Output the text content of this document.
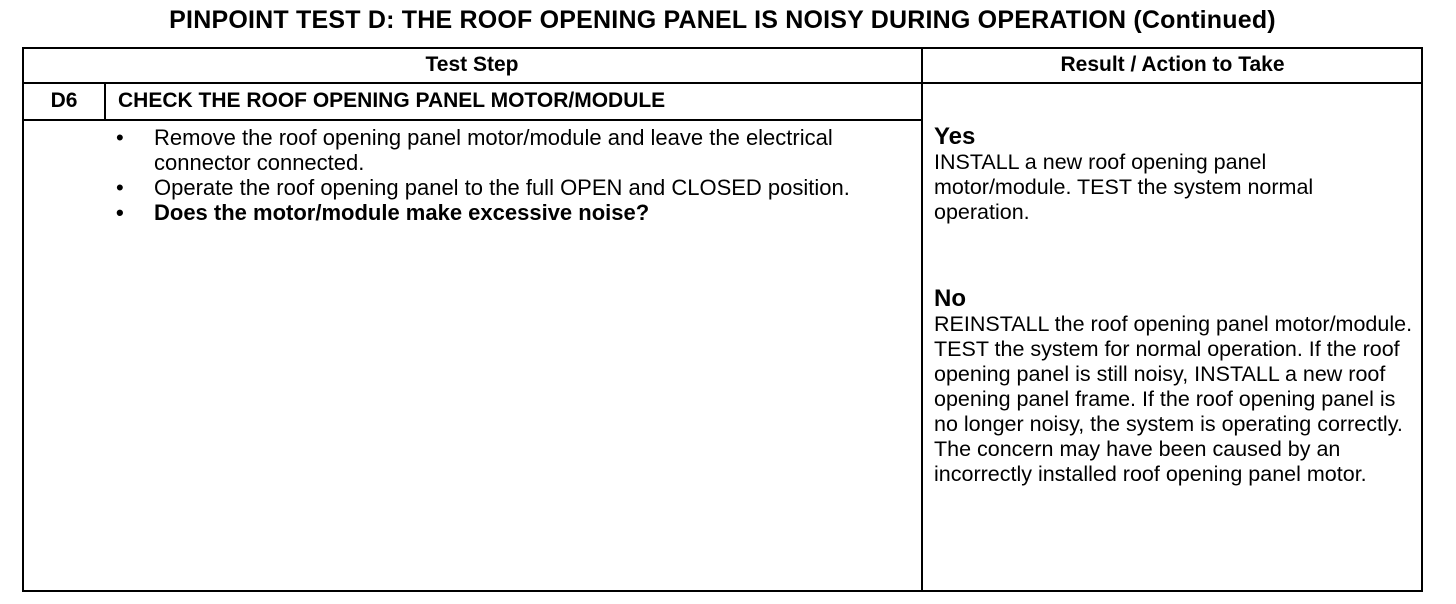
PINPOINT TEST D: THE ROOF OPENING PANEL IS NOISY DURING OPERATION (Continued)
Test Step	Result / Action to Take
D6	CHECK THE ROOF OPENING PANEL MOTOR/MODULE
• Remove the roof opening panel motor/module and leave the electrical connector connected.
• Operate the roof opening panel to the full OPEN and CLOSED position.
• Does the motor/module make excessive noise?
Yes
INSTALL a new roof opening panel motor/module. TEST the system normal operation.
No
REINSTALL the roof opening panel motor/module. TEST the system for normal operation. If the roof opening panel is still noisy, INSTALL a new roof opening panel frame. If the roof opening panel is no longer noisy, the system is operating correctly. The concern may have been caused by an incorrectly installed roof opening panel motor.
